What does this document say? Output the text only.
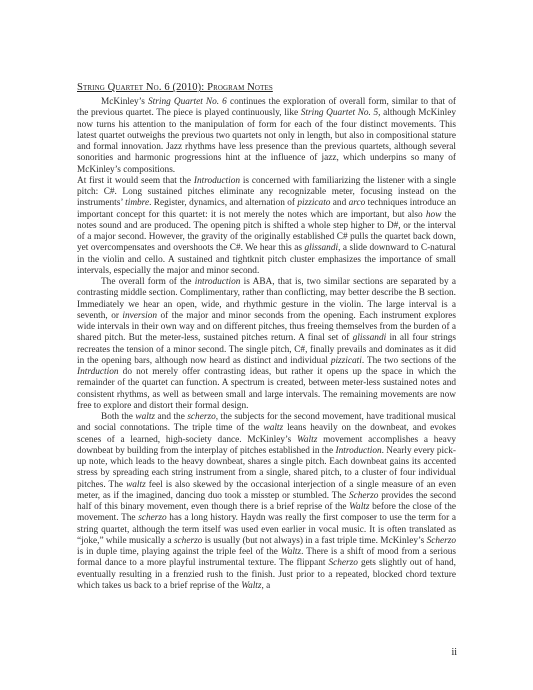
String Quartet No. 6 (2010): Program Notes

McKinley’s String Quartet No. 6 continues the exploration of overall form, similar to that of the previous quartet. The piece is played continuously, like String Quartet No. 5, although McKinley now turns his attention to the manipulation of form for each of the four distinct movements. This latest quartet outweighs the previous two quartets not only in length, but also in compositional stature and formal innovation. Jazz rhythms have less presence than the previous quartets, although several sonorities and harmonic progressions hint at the influence of jazz, which underpins so many of McKinley’s compositions.

At first it would seem that the Introduction is concerned with familiarizing the listener with a single pitch: C#. Long sustained pitches eliminate any recognizable meter, focusing instead on the instruments’ timbre. Register, dynamics, and alternation of pizzicato and arco techniques introduce an important concept for this quartet: it is not merely the notes which are important, but also how the notes sound and are produced. The opening pitch is shifted a whole step higher to D#, or the interval of a major second. However, the gravity of the originally established C# pulls the quartet back down, yet overcompensates and overshoots the C#. We hear this as glissandi, a slide downward to C-natural in the violin and cello. A sustained and tightknit pitch cluster emphasizes the importance of small intervals, especially the major and minor second.

The overall form of the introduction is ABA, that is, two similar sections are separated by a contrasting middle section. Complimentary, rather than conflicting, may better describe the B section. Immediately we hear an open, wide, and rhythmic gesture in the violin. The large interval is a seventh, or inversion of the major and minor seconds from the opening. Each instrument explores wide intervals in their own way and on different pitches, thus freeing themselves from the burden of a shared pitch. But the meter-less, sustained pitches return. A final set of glissandi in all four strings recreates the tension of a minor second. The single pitch, C#, finally prevails and dominates as it did in the opening bars, although now heard as distinct and individual pizzicati. The two sections of the Intrduction do not merely offer contrasting ideas, but rather it opens up the space in which the remainder of the quartet can function. A spectrum is created, between meter-less sustained notes and consistent rhythms, as well as between small and large intervals. The remaining movements are now free to explore and distort their formal design.

Both the waltz and the scherzo, the subjects for the second movement, have traditional musical and social connotations. The triple time of the waltz leans heavily on the downbeat, and evokes scenes of a learned, high-society dance. McKinley’s Waltz movement accomplishes a heavy downbeat by building from the interplay of pitches established in the Introduction. Nearly every pick-up note, which leads to the heavy downbeat, shares a single pitch. Each downbeat gains its accented stress by spreading each string instrument from a single, shared pitch, to a cluster of four individual pitches. The waltz feel is also skewed by the occasional interjection of a single measure of an even meter, as if the imagined, dancing duo took a misstep or stumbled. The Scherzo provides the second half of this binary movement, even though there is a brief reprise of the Waltz before the close of the movement. The scherzo has a long history. Haydn was really the first composer to use the term for a string quartet, although the term itself was used even earlier in vocal music. It is often translated as “joke,” while musically a scherzo is usually (but not always) in a fast triple time. McKinley’s Scherzo is in duple time, playing against the triple feel of the Waltz. There is a shift of mood from a serious formal dance to a more playful instrumental texture. The flippant Scherzo gets slightly out of hand, eventually resulting in a frenzied rush to the finish. Just prior to a repeated, blocked chord texture which takes us back to a brief reprise of the Waltz, a

ii
